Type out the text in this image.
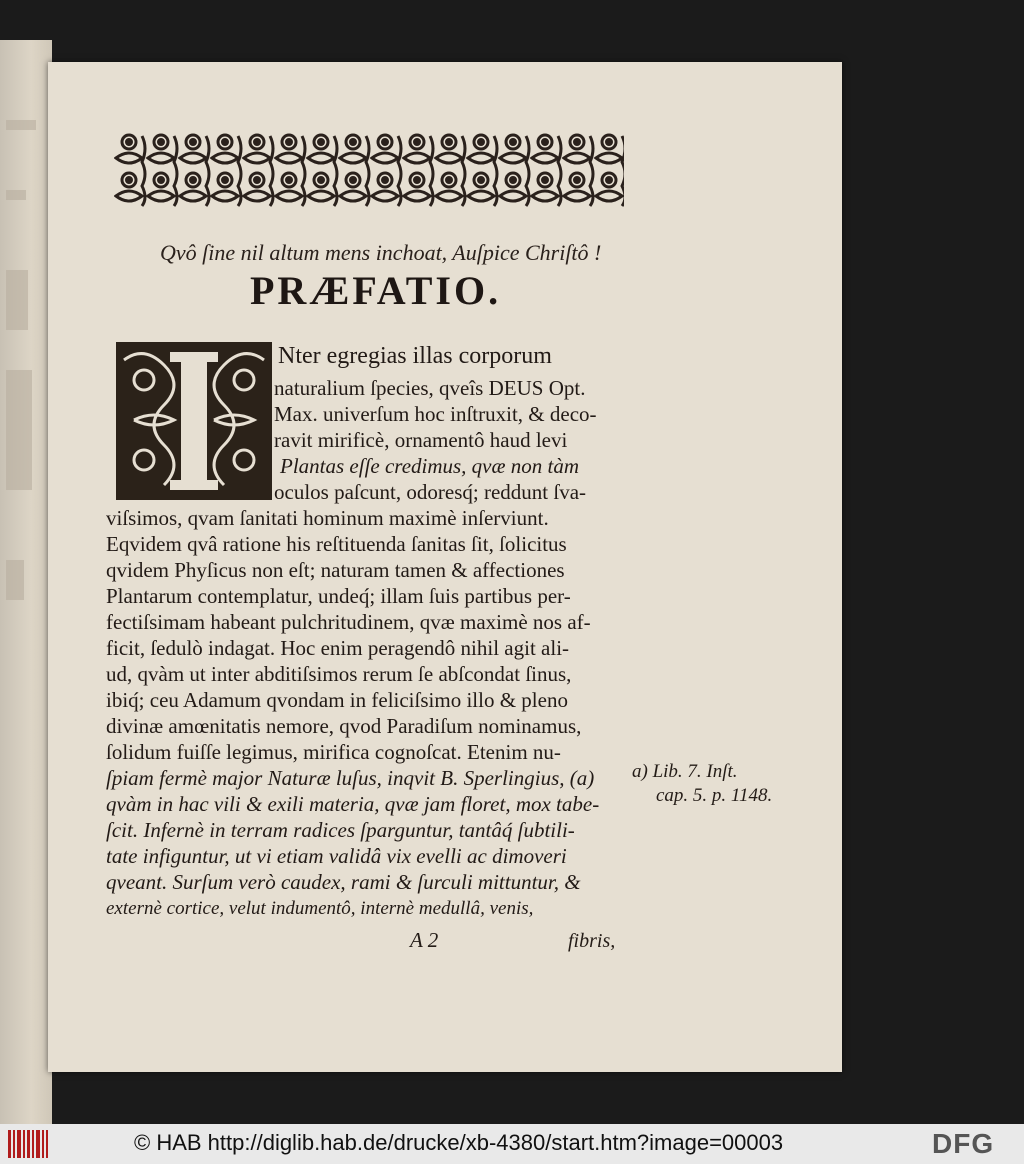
Qvô ſine nil altum mens inchoat, Auſpice Chriſtô !
PRÆFATIO.
Nter egregias illas corporum
naturalium ſpecies, qveîs DEUS Opt.
Max. univerſum hoc inſtruxit, & deco-
ravit mirificè, ornamentô haud levi
Plantas eſſe credimus, qvæ non tàm
oculos paſcunt, odoresq́; reddunt ſva-
viſsimos, qvam ſanitati hominum maximè inſerviunt.
Eqvidem qvâ ratione his reſtituenda ſanitas ſit, ſolicitus
qvidem Phyſicus non eſt; naturam tamen & affectiones
Plantarum contemplatur, undeq́; illam ſuis partibus per-
fectiſsimam habeant pulchritudinem, qvæ maximè nos af-
ficit, ſedulò indagat. Hoc enim peragendô nihil agit ali-
ud, qvàm ut inter abditiſsimos rerum ſe abſcondat ſinus,
ibiq́; ceu Adamum qvondam in feliciſsimo illo & pleno
divinæ amœnitatis nemore, qvod Paradiſum nominamus,
ſolidum fuiſſe legimus, mirifica cognoſcat. Etenim nu-
ſpiam fermè major Naturæ luſus, inqvit B. Sperlingius, (a)
qvàm in hac vili & exili materia, qvæ jam floret, mox tabe-
ſcit. Infernè in terram radices ſparguntur, tantâq́ ſubtili-
tate infiguntur, ut vi etiam validâ vix evelli ac dimoveri
qveant. Surſum verò caudex, rami & ſurculi mittuntur, &
externè cortice, velut indumentô, internè medullâ, venis,
a) Lib. 7. Inſt.
cap. 5. p. 1148.
A 2	fibris,
© HAB http://diglib.hab.de/drucke/xb-4380/start.htm?image=00003	DFG
